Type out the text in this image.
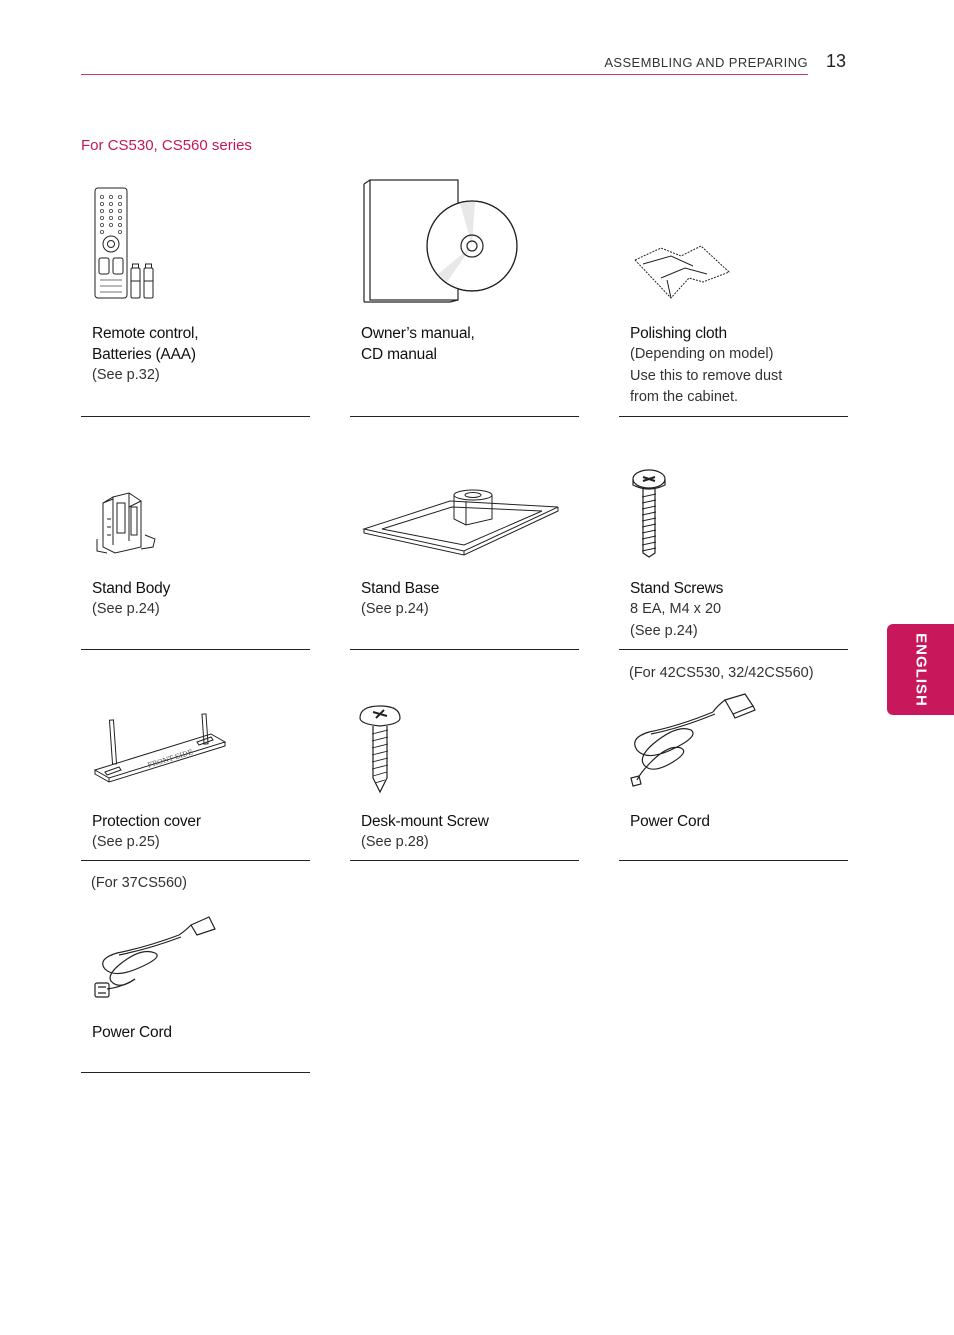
ASSEMBLING AND PREPARING 13
For CS530, CS560 series
ENGLISH
Remote control,
Batteries (AAA)
(See p.32)
Owner’s manual,
CD manual
Polishing cloth
(Depending on model)
Use this to remove dust
from the cabinet.
Stand Body
(See p.24)
Stand Base
(See p.24)
Stand Screws
8 EA, M4 x 20
(See p.24)
FRONT SIDE
Protection cover
(See p.25)
Desk-mount Screw
(See p.28)
(For 42CS530, 32/42CS560)
Power Cord
(For 37CS560)
Power Cord
